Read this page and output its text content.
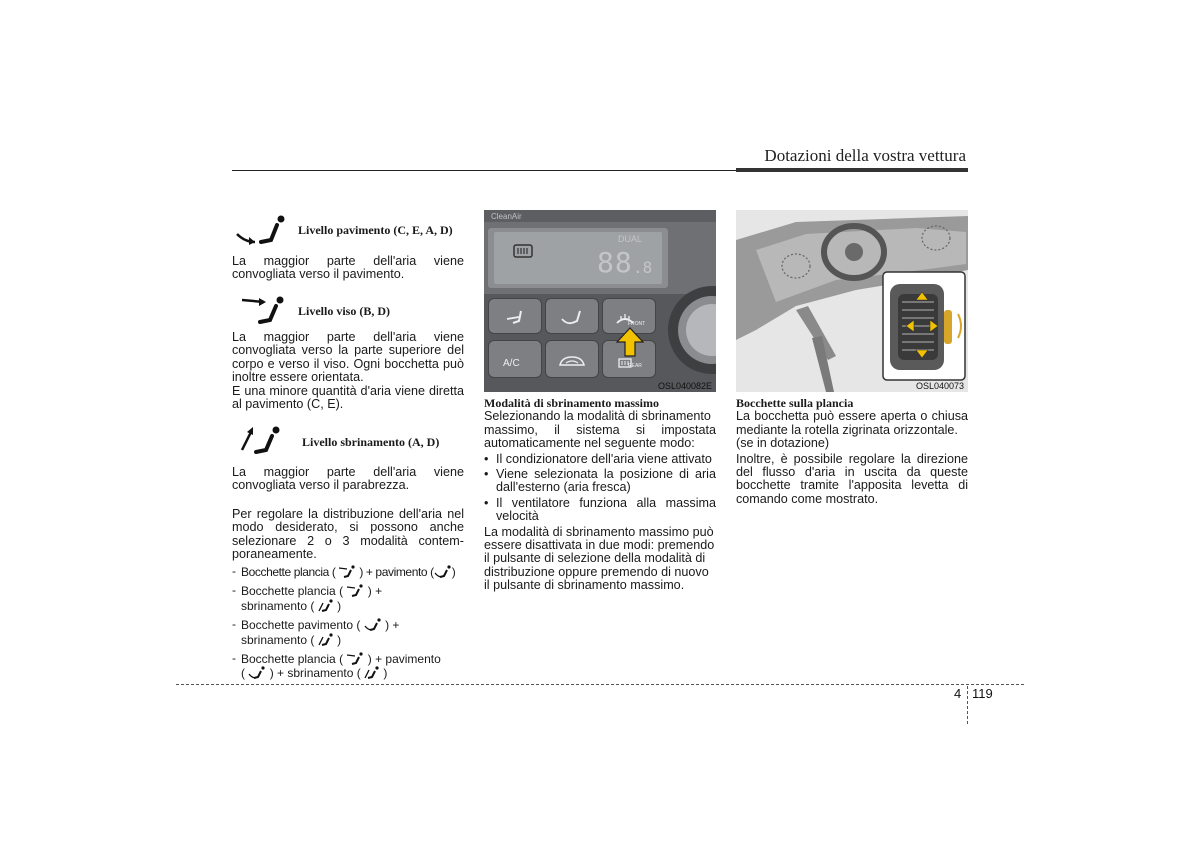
Dotazioni della vostra vettura
Livello pavimento (C, E, A, D)

La maggior parte dell'aria viene

convogliata verso il pavimento.

Livello viso (B, D)

La maggior parte dell'aria viene

convogliata verso la parte superiore del

corpo e verso il viso. Ogni bocchetta può

inoltre essere orientata.

E una minore quantità d'aria viene diretta

al pavimento (C, E).

Livello sbrinamento (A, D)

La maggior parte dell'aria viene

convogliata verso il parabrezza.

Per regolare la distribuzione dell'aria nel

modo desiderato, si possono anche

selezionare 2 o 3 modalità contem-

poraneamente.

- Bocchette plancia ( ) + pavimento ( )
- Bocchette plancia ( ) +
sbrinamento ( )
- Bocchette pavimento ( ) +
sbrinamento ( )
- Bocchette plancia ( ) + pavimento
( ) + sbrinamento ( )
CleanAir
DUAL
88 .8
FRONT
A/C	REAR
OSL040082E

Modalità di sbrinamento massimo

Selezionando la modalità di sbrinamento

massimo, il sistema si impostata

automaticamente nel seguente modo:

• Il condizionatore dell'aria viene attivato

• Viene selezionata la posizione di aria

dall'esterno (aria fresca)

• Il ventilatore funziona alla massima

velocità

La modalità di sbrinamento massimo può

essere disattivata in due modi: premendo

il pulsante di selezione della modalità di

distribuzione oppure premendo di nuovo

il pulsante di sbrinamento massimo.

OSL040073

Bocchette sulla plancia

La bocchetta può essere aperta o chiusa

mediante la rotella zigrinata orizzontale.

(se in dotazione)

Inoltre, è possibile regolare la direzione

del flusso d'aria in uscita da queste

bocchette tramite l'apposita levetta di

comando come mostrato.

4 119
